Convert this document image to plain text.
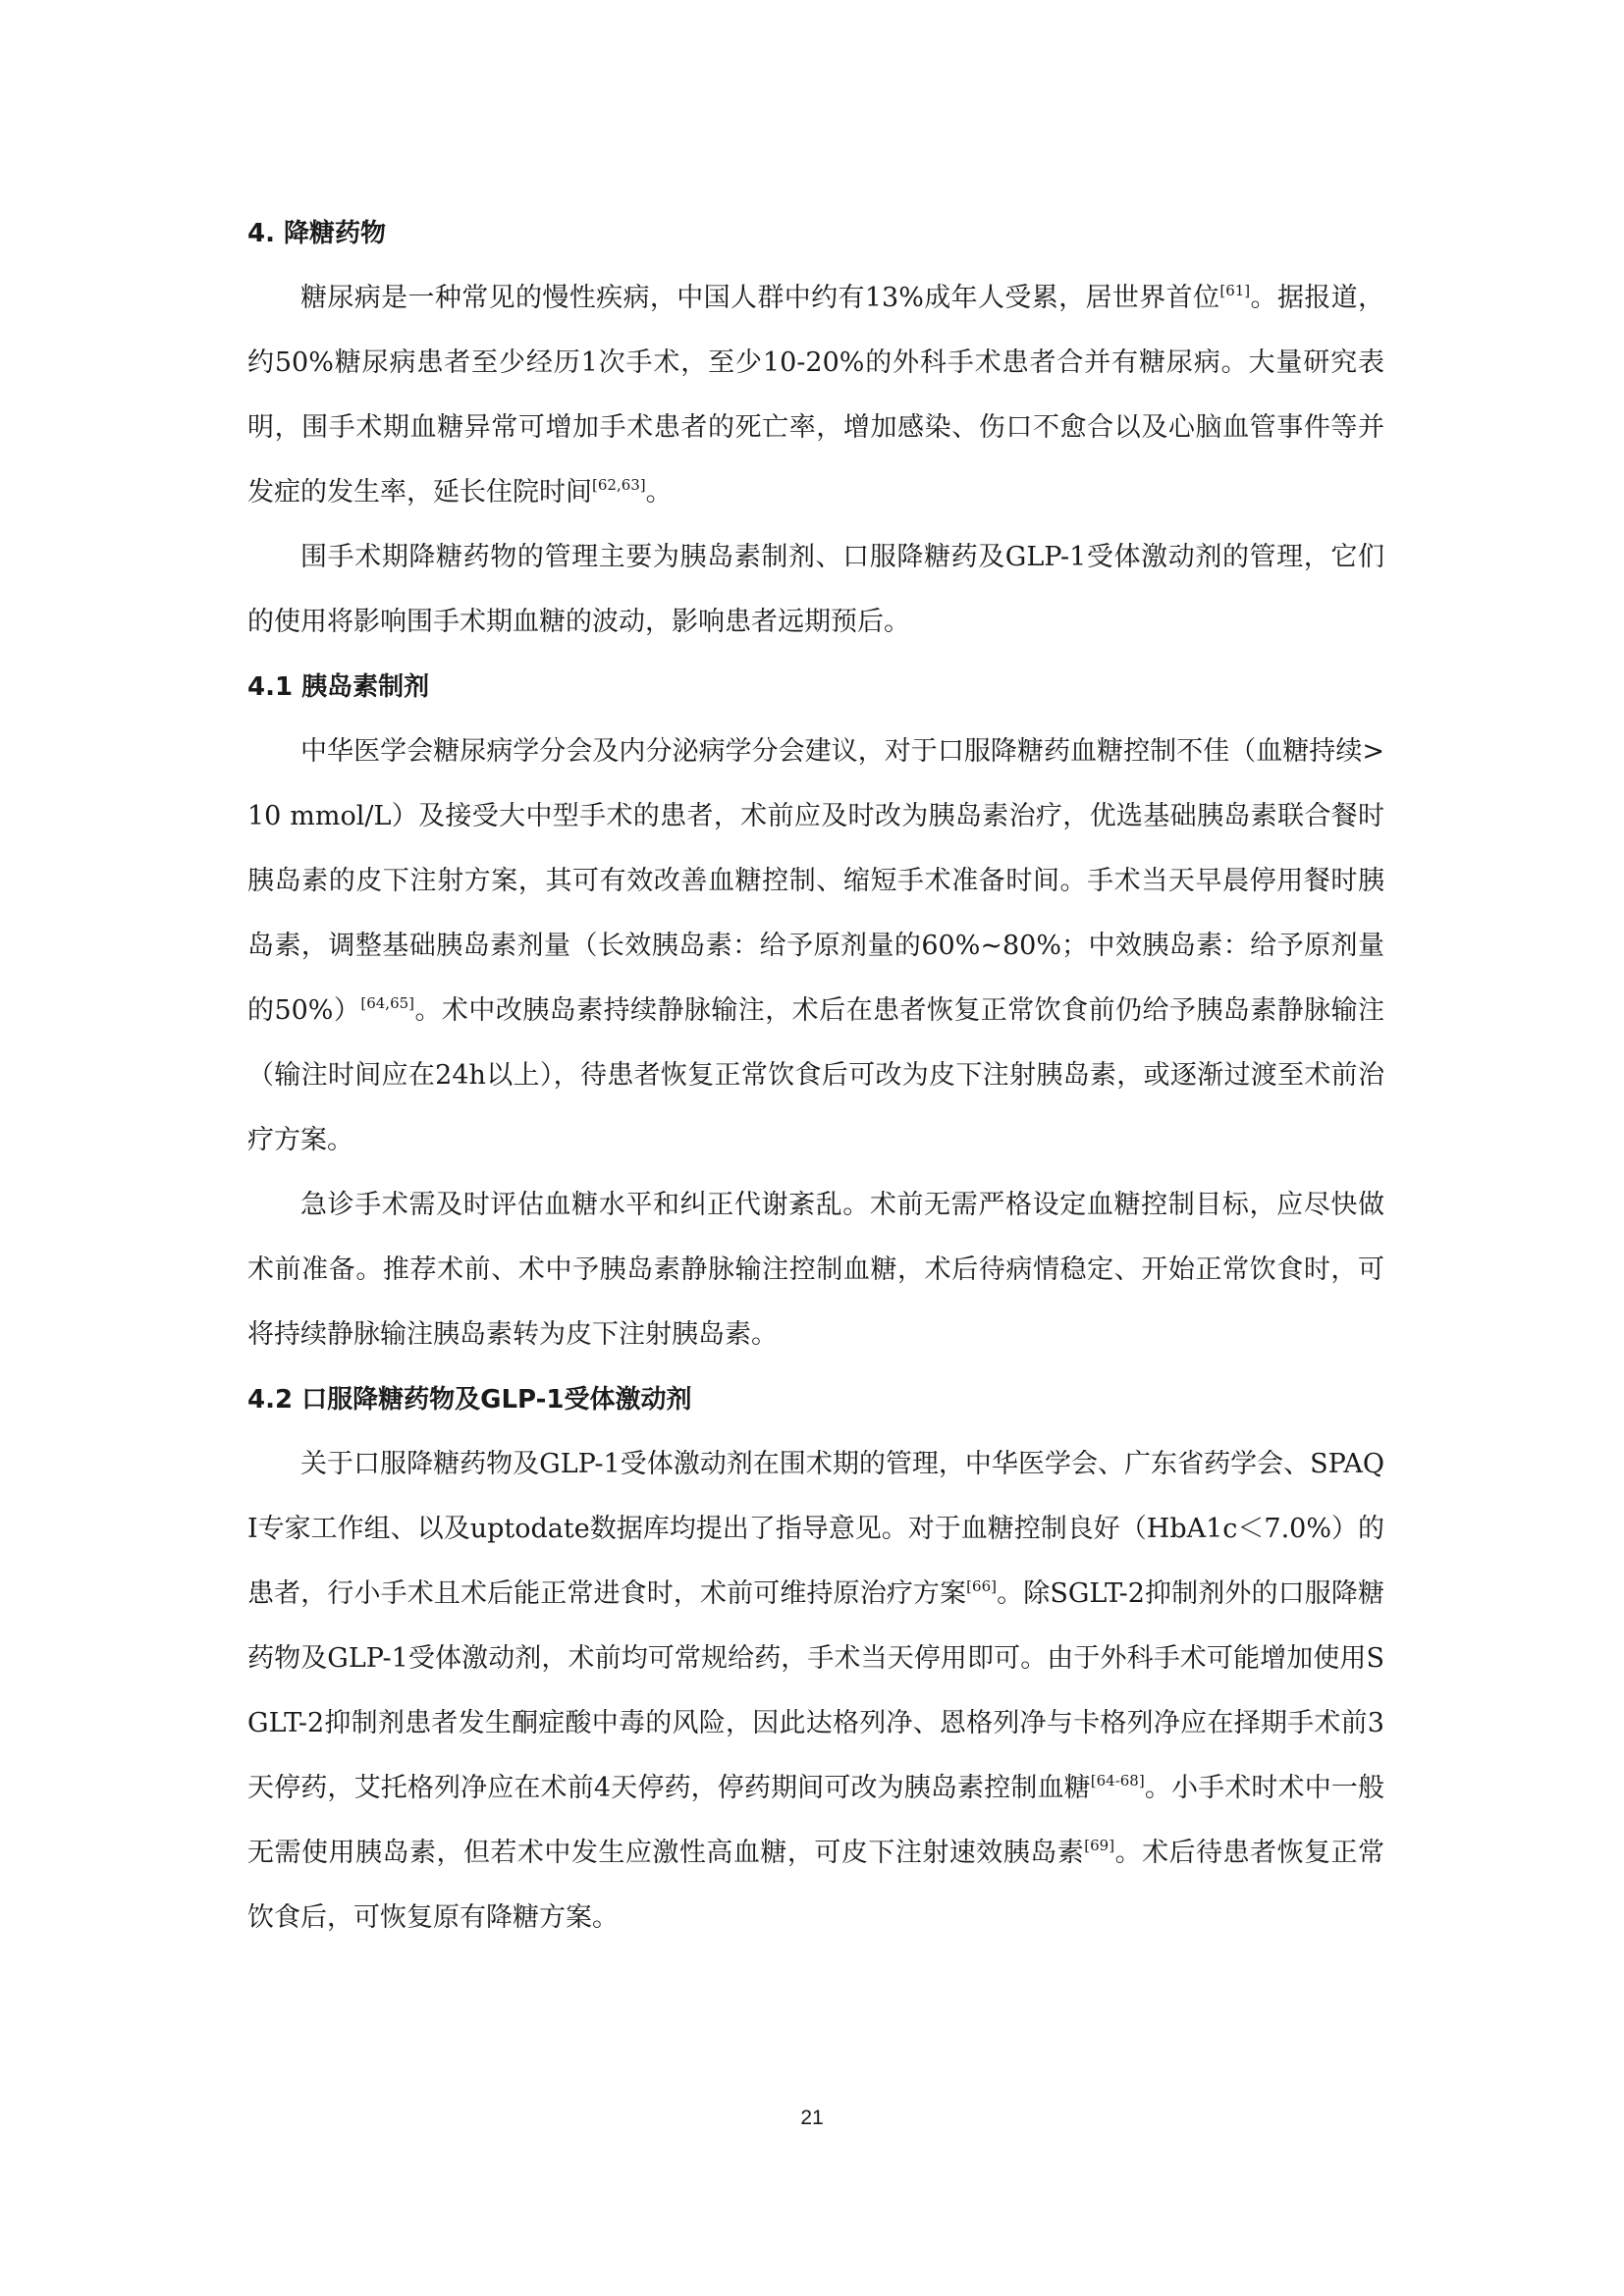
4. 降糖药物

糖尿病是一种常见的慢性疾病，中国人群中约有13%成年人受累，居世界首位[61]。据报道，约50%糖尿病患者至少经历1次手术，至少10-20%的外科手术患者合并有糖尿病。大量研究表明，围手术期血糖异常可增加手术患者的死亡率，增加感染、伤口不愈合以及心脑血管事件等并发症的发生率，延长住院时间[62,63]。

围手术期降糖药物的管理主要为胰岛素制剂、口服降糖药及GLP-1受体激动剂的管理，它们的使用将影响围手术期血糖的波动，影响患者远期预后。

4.1 胰岛素制剂

中华医学会糖尿病学分会及内分泌病学分会建议，对于口服降糖药血糖控制不佳（血糖持续>10 mmol/L）及接受大中型手术的患者，术前应及时改为胰岛素治疗，优选基础胰岛素联合餐时胰岛素的皮下注射方案，其可有效改善血糖控制、缩短手术准备时间。手术当天早晨停用餐时胰岛素，调整基础胰岛素剂量（长效胰岛素：给予原剂量的60%~80%；中效胰岛素：给予原剂量的50%）[64,65]。术中改胰岛素持续静脉输注，术后在患者恢复正常饮食前仍给予胰岛素静脉输注（输注时间应在24h以上），待患者恢复正常饮食后可改为皮下注射胰岛素，或逐渐过渡至术前治疗方案。

急诊手术需及时评估血糖水平和纠正代谢紊乱。术前无需严格设定血糖控制目标，应尽快做术前准备。推荐术前、术中予胰岛素静脉输注控制血糖，术后待病情稳定、开始正常饮食时，可将持续静脉输注胰岛素转为皮下注射胰岛素。

4.2 口服降糖药物及GLP-1受体激动剂

关于口服降糖药物及GLP-1受体激动剂在围术期的管理，中华医学会、广东省药学会、SPAQI专家工作组、以及uptodate数据库均提出了指导意见。对于血糖控制良好（HbA1c＜7.0%）的患者，行小手术且术后能正常进食时，术前可维持原治疗方案[66]。除SGLT-2抑制剂外的口服降糖药物及GLP-1受体激动剂，术前均可常规给药，手术当天停用即可。由于外科手术可能增加使用SGLT-2抑制剂患者发生酮症酸中毒的风险，因此达格列净、恩格列净与卡格列净应在择期手术前3天停药，艾托格列净应在术前4天停药，停药期间可改为胰岛素控制血糖[64-68]。小手术时术中一般无需使用胰岛素，但若术中发生应激性高血糖，可皮下注射速效胰岛素[69]。术后待患者恢复正常饮食后，可恢复原有降糖方案。

21
